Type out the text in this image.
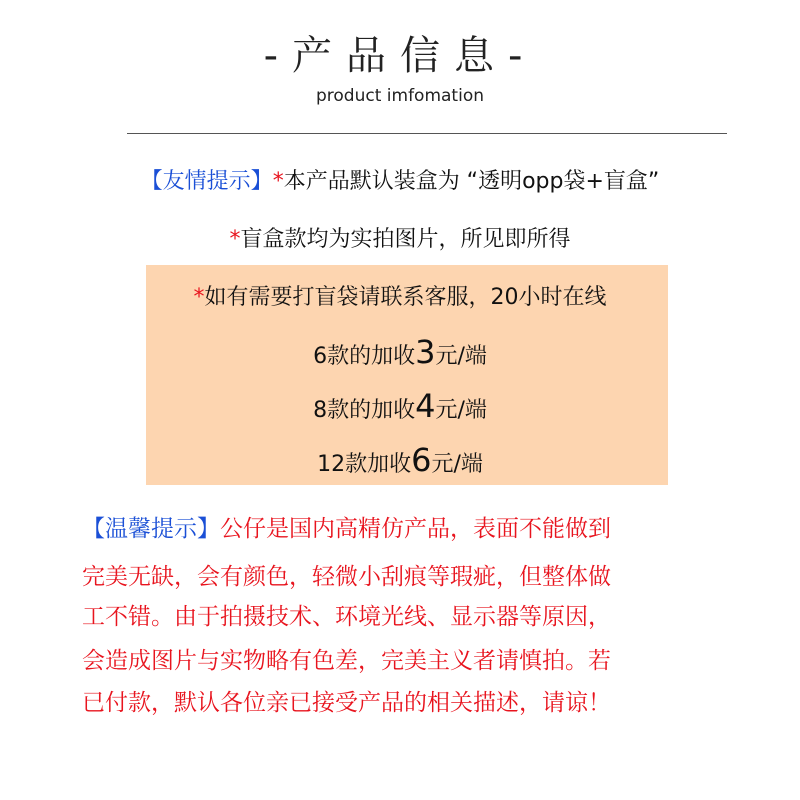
-产品信息-
product imfomation
【友情提示】*本产品默认装盒为 “透明opp袋+盲盒”
*盲盒款均为实拍图片，所见即所得
*如有需要打盲袋请联系客服，20小时在线
6款的加收3元/端
8款的加收4元/端
12款加收6元/端
【温馨提示】公仔是国内高精仿产品，表面不能做到
完美无缺，会有颜色，轻微小刮痕等瑕疵，但整体做
工不错。由于拍摄技术、环境光线、显示器等原因，
会造成图片与实物略有色差，完美主义者请慎拍。若
已付款，默认各位亲已接受产品的相关描述，请谅！
